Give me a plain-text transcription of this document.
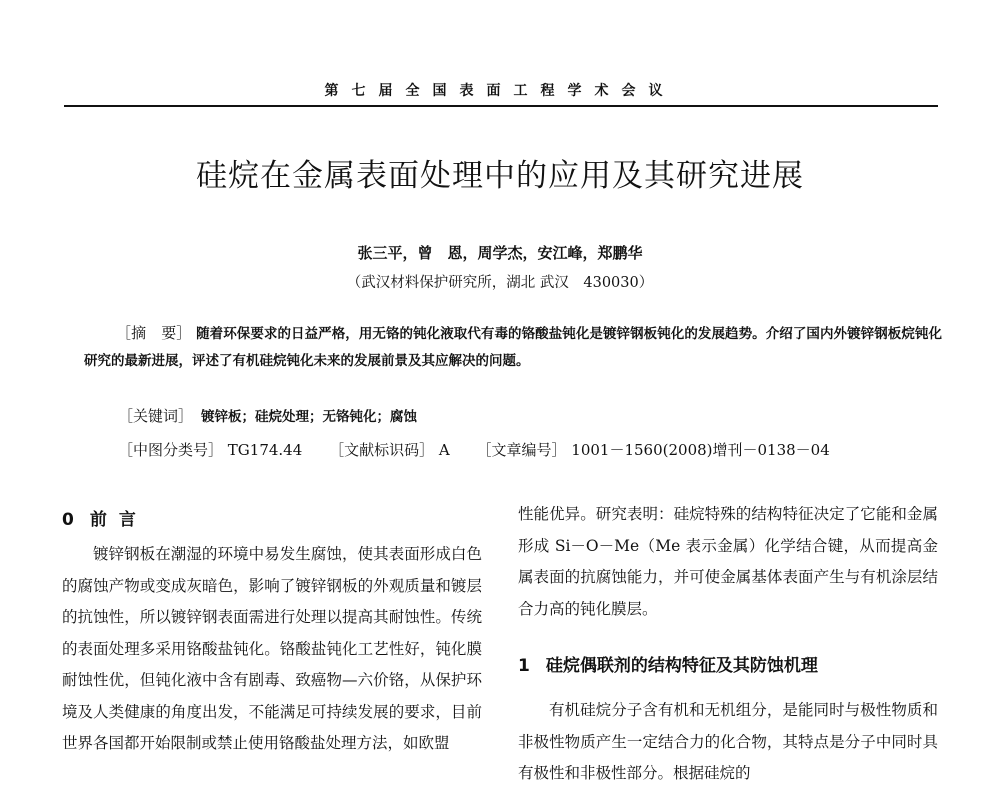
第七届全国表面工程学术会议
硅烷在金属表面处理中的应用及其研究进展
张三平，曾　恩，周学杰，安江峰，郑鹏华
（武汉材料保护研究所，湖北 武汉　430030）
［摘　要］ 随着环保要求的日益严格，用无铬的钝化液取代有毒的铬酸盐钝化是镀锌钢板钝化的发展趋势。介绍了国内外镀锌钢板烷钝化研究的最新进展，评述了有机硅烷钝化未来的发展前景及其应解决的问题。
［关键词］ 镀锌板；硅烷处理；无铬钝化；腐蚀
［中图分类号］ TG174.44 ［文献标识码］ A ［文章编号］ 1001－1560(2008)增刊－0138－04
0 前言

镀锌钢板在潮湿的环境中易发生腐蚀，使其表面形成白色的腐蚀产物或变成灰暗色，影响了镀锌钢板的外观质量和镀层的抗蚀性，所以镀锌钢表面需进行处理以提高其耐蚀性。传统的表面处理多采用铬酸盐钝化。铬酸盐钝化工艺性好，钝化膜耐蚀性优，但钝化液中含有剧毒、致癌物—六价铬，从保护环境及人类健康的角度出发，不能满足可持续发展的要求，目前世界各国都开始限制或禁止使用铬酸盐处理方法，如欧盟

性能优异。研究表明：硅烷特殊的结构特征决定了它能和金属形成 Si－O－Me（Me 表示金属）化学结合键，从而提高金属表面的抗腐蚀能力，并可使金属基体表面产生与有机涂层结合力高的钝化膜层。

1 硅烷偶联剂的结构特征及其防蚀机理

有机硅烷分子含有机和无机组分，是能同时与极性物质和非极性物质产生一定结合力的化合物，其特点是分子中同时具有极性和非极性部分。根据硅烷的
